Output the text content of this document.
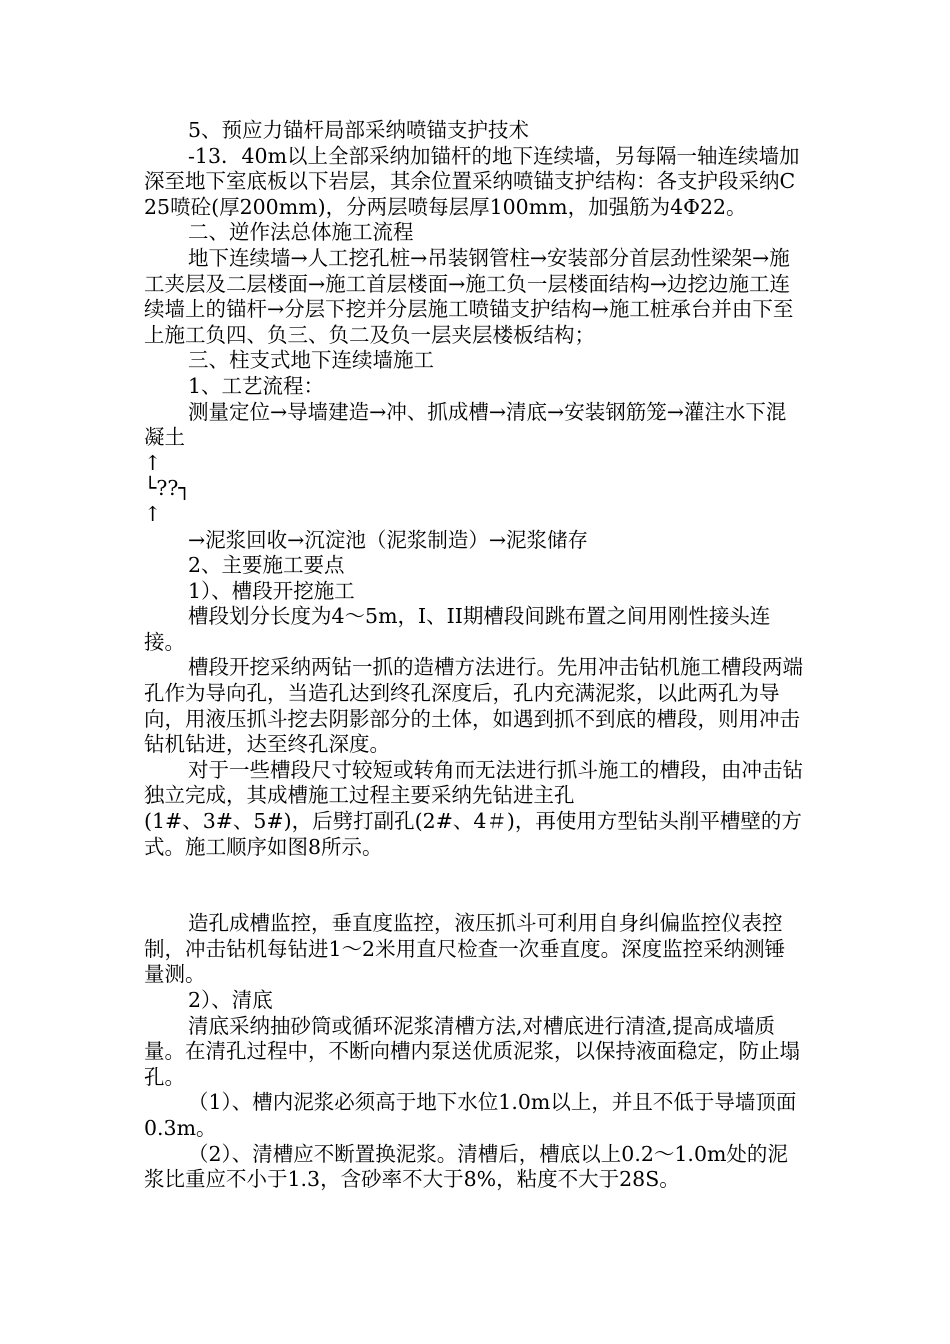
5、预应力锚杆局部采纳喷锚支护技术

-13．40m以上全部采纳加锚杆的地下连续墙，另每隔一轴连续墙加深至地下室底板以下岩层，其余位置采纳喷锚支护结构：各支护段采纳C25喷砼(厚200mm)，分两层喷每层厚100mm，加强筋为4Φ22。

二、逆作法总体施工流程

地下连续墙→人工挖孔桩→吊装钢管柱→安装部分首层劲性梁架→施工夹层及二层楼面→施工首层楼面→施工负一层楼面结构→边挖边施工连续墙上的锚杆→分层下挖并分层施工喷锚支护结构→施工桩承台并由下至上施工负四、负三、负二及负一层夹层楼板结构；

三、柱支式地下连续墙施工

1、工艺流程：

测量定位→导墙建造→冲、抓成槽→清底→安装钢筋笼→灌注水下混凝土

↑

└??┐

↑

→泥浆回收→沉淀池（泥浆制造）→泥浆储存

2、主要施工要点

1）、槽段开挖施工

槽段划分长度为4～5m，I、II期槽段间跳布置之间用刚性接头连接。

槽段开挖采纳两钻一抓的造槽方法进行。先用冲击钻机施工槽段两端孔作为导向孔，当造孔达到终孔深度后，孔内充满泥浆，以此两孔为导向，用液压抓斗挖去阴影部分的土体，如遇到抓不到底的槽段，则用冲击钻机钻进，达至终孔深度。

对于一些槽段尺寸较短或转角而无法进行抓斗施工的槽段，由冲击钻独立完成，其成槽施工过程主要采纳先钻进主孔

(1#、3#、5#)，后劈打副孔(2#、4＃)，再使用方型钻头削平槽壁的方式。施工顺序如图8所示。

造孔成槽监控，垂直度监控，液压抓斗可利用自身纠偏监控仪表控制，冲击钻机每钻进1～2米用直尺检查一次垂直度。深度监控采纳测锤量测。

2）、清底

清底采纳抽砂筒或循环泥浆清槽方法,对槽底进行清渣,提高成墙质量。在清孔过程中，不断向槽内泵送优质泥浆，以保持液面稳定，防止塌孔。

（1）、槽内泥浆必须高于地下水位1.0m以上，并且不低于导墙顶面0.3m。

（2）、清槽应不断置换泥浆。清槽后，槽底以上0.2～1.0m处的泥浆比重应不小于1.3，含砂率不大于8%，粘度不大于28S。
